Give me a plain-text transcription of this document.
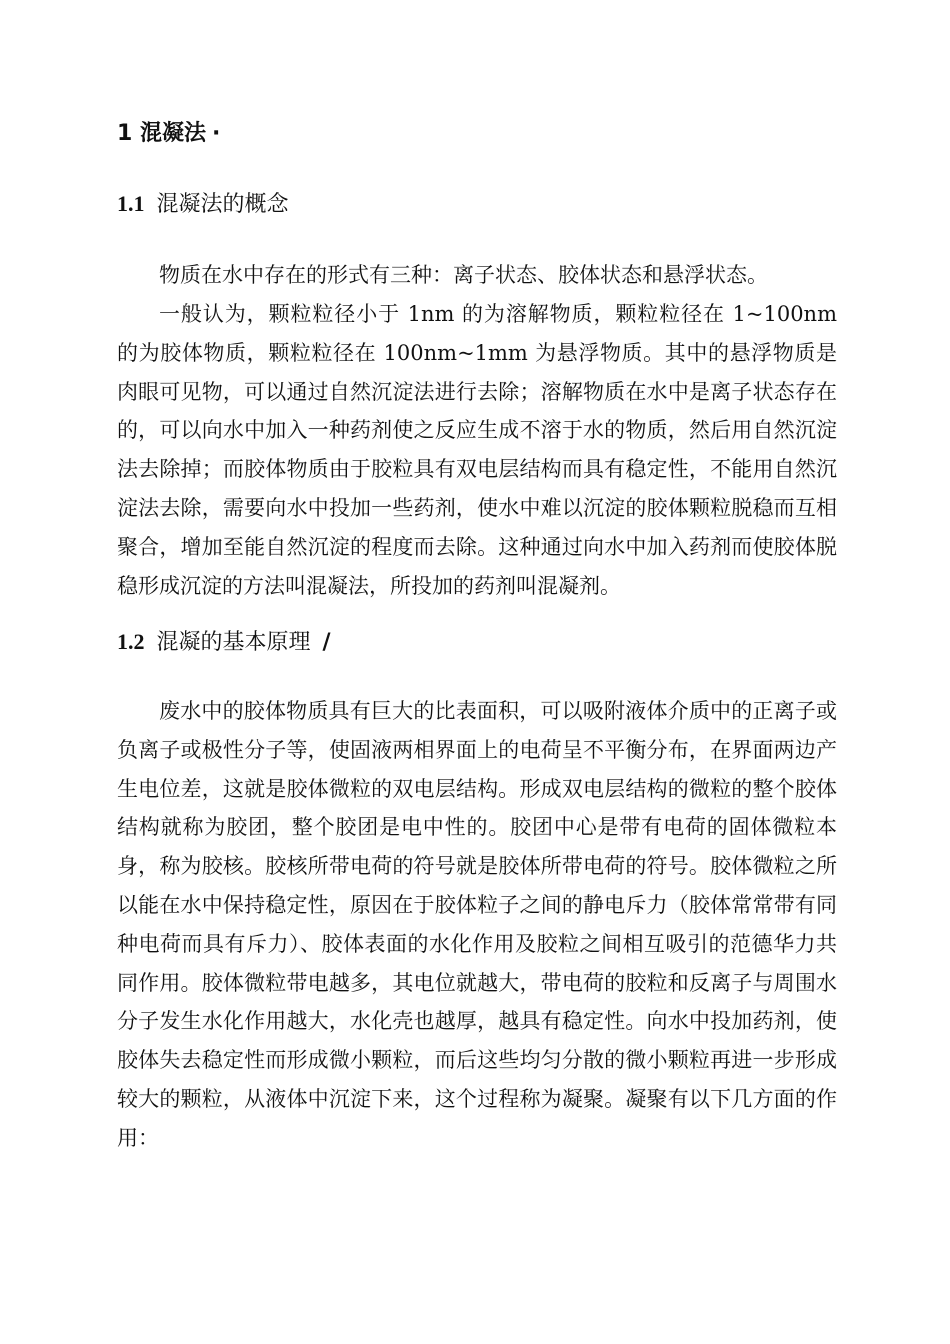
1 混凝法 ·
1.1 混凝法的概念

物质在水中存在的形式有三种：离子状态、胶体状态和悬浮状态。

一般认为，颗粒粒径小于 1nm 的为溶解物质，颗粒粒径在 1~100nm 的为胶体物质，颗粒粒径在 100nm~1mm 为悬浮物质。其中的悬浮物质是肉眼可见物，可以通过自然沉淀法进行去除；溶解物质在水中是离子状态存在的，可以向水中加入一种药剂使之反应生成不溶于水的物质，然后用自然沉淀法去除掉；而胶体物质由于胶粒具有双电层结构而具有稳定性，不能用自然沉淀法去除，需要向水中投加一些药剂，使水中难以沉淀的胶体颗粒脱稳而互相聚合，增加至能自然沉淀的程度而去除。这种通过向水中加入药剂而使胶体脱稳形成沉淀的方法叫混凝法，所投加的药剂叫混凝剂。

1.2 混凝的基本原理 /

废水中的胶体物质具有巨大的比表面积，可以吸附液体介质中的正离子或负离子或极性分子等，使固液两相界面上的电荷呈不平衡分布，在界面两边产生电位差，这就是胶体微粒的双电层结构。形成双电层结构的微粒的整个胶体结构就称为胶团，整个胶团是电中性的。胶团中心是带有电荷的固体微粒本身，称为胶核。胶核所带电荷的符号就是胶体所带电荷的符号。胶体微粒之所以能在水中保持稳定性，原因在于胶体粒子之间的静电斥力（胶体常常带有同种电荷而具有斥力）、胶体表面的水化作用及胶粒之间相互吸引的范德华力共同作用。胶体微粒带电越多，其电位就越大，带电荷的胶粒和反离子与周围水分子发生水化作用越大，水化壳也越厚，越具有稳定性。向水中投加药剂，使胶体失去稳定性而形成微小颗粒，而后这些均匀分散的微小颗粒再进一步形成较大的颗粒，从液体中沉淀下来，这个过程称为凝聚。凝聚有以下几方面的作用：
